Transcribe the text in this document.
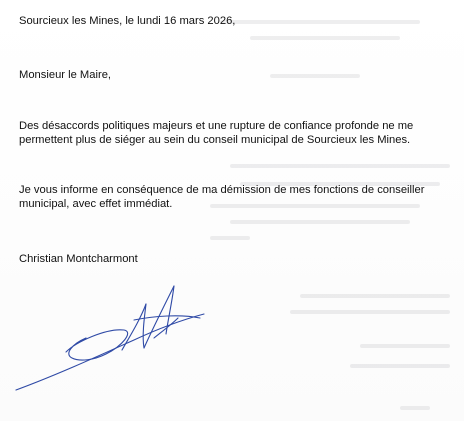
Sourcieux les Mines, le lundi 16 mars 2026,
Monsieur le Maire,
Des désaccords politiques majeurs et une rupture de confiance profonde ne me
permettent plus de siéger au sein du conseil municipal de Sourcieux les Mines.
Je vous informe en conséquence de ma démission de mes fonctions de conseiller
municipal, avec effet immédiat.
Christian Montcharmont
